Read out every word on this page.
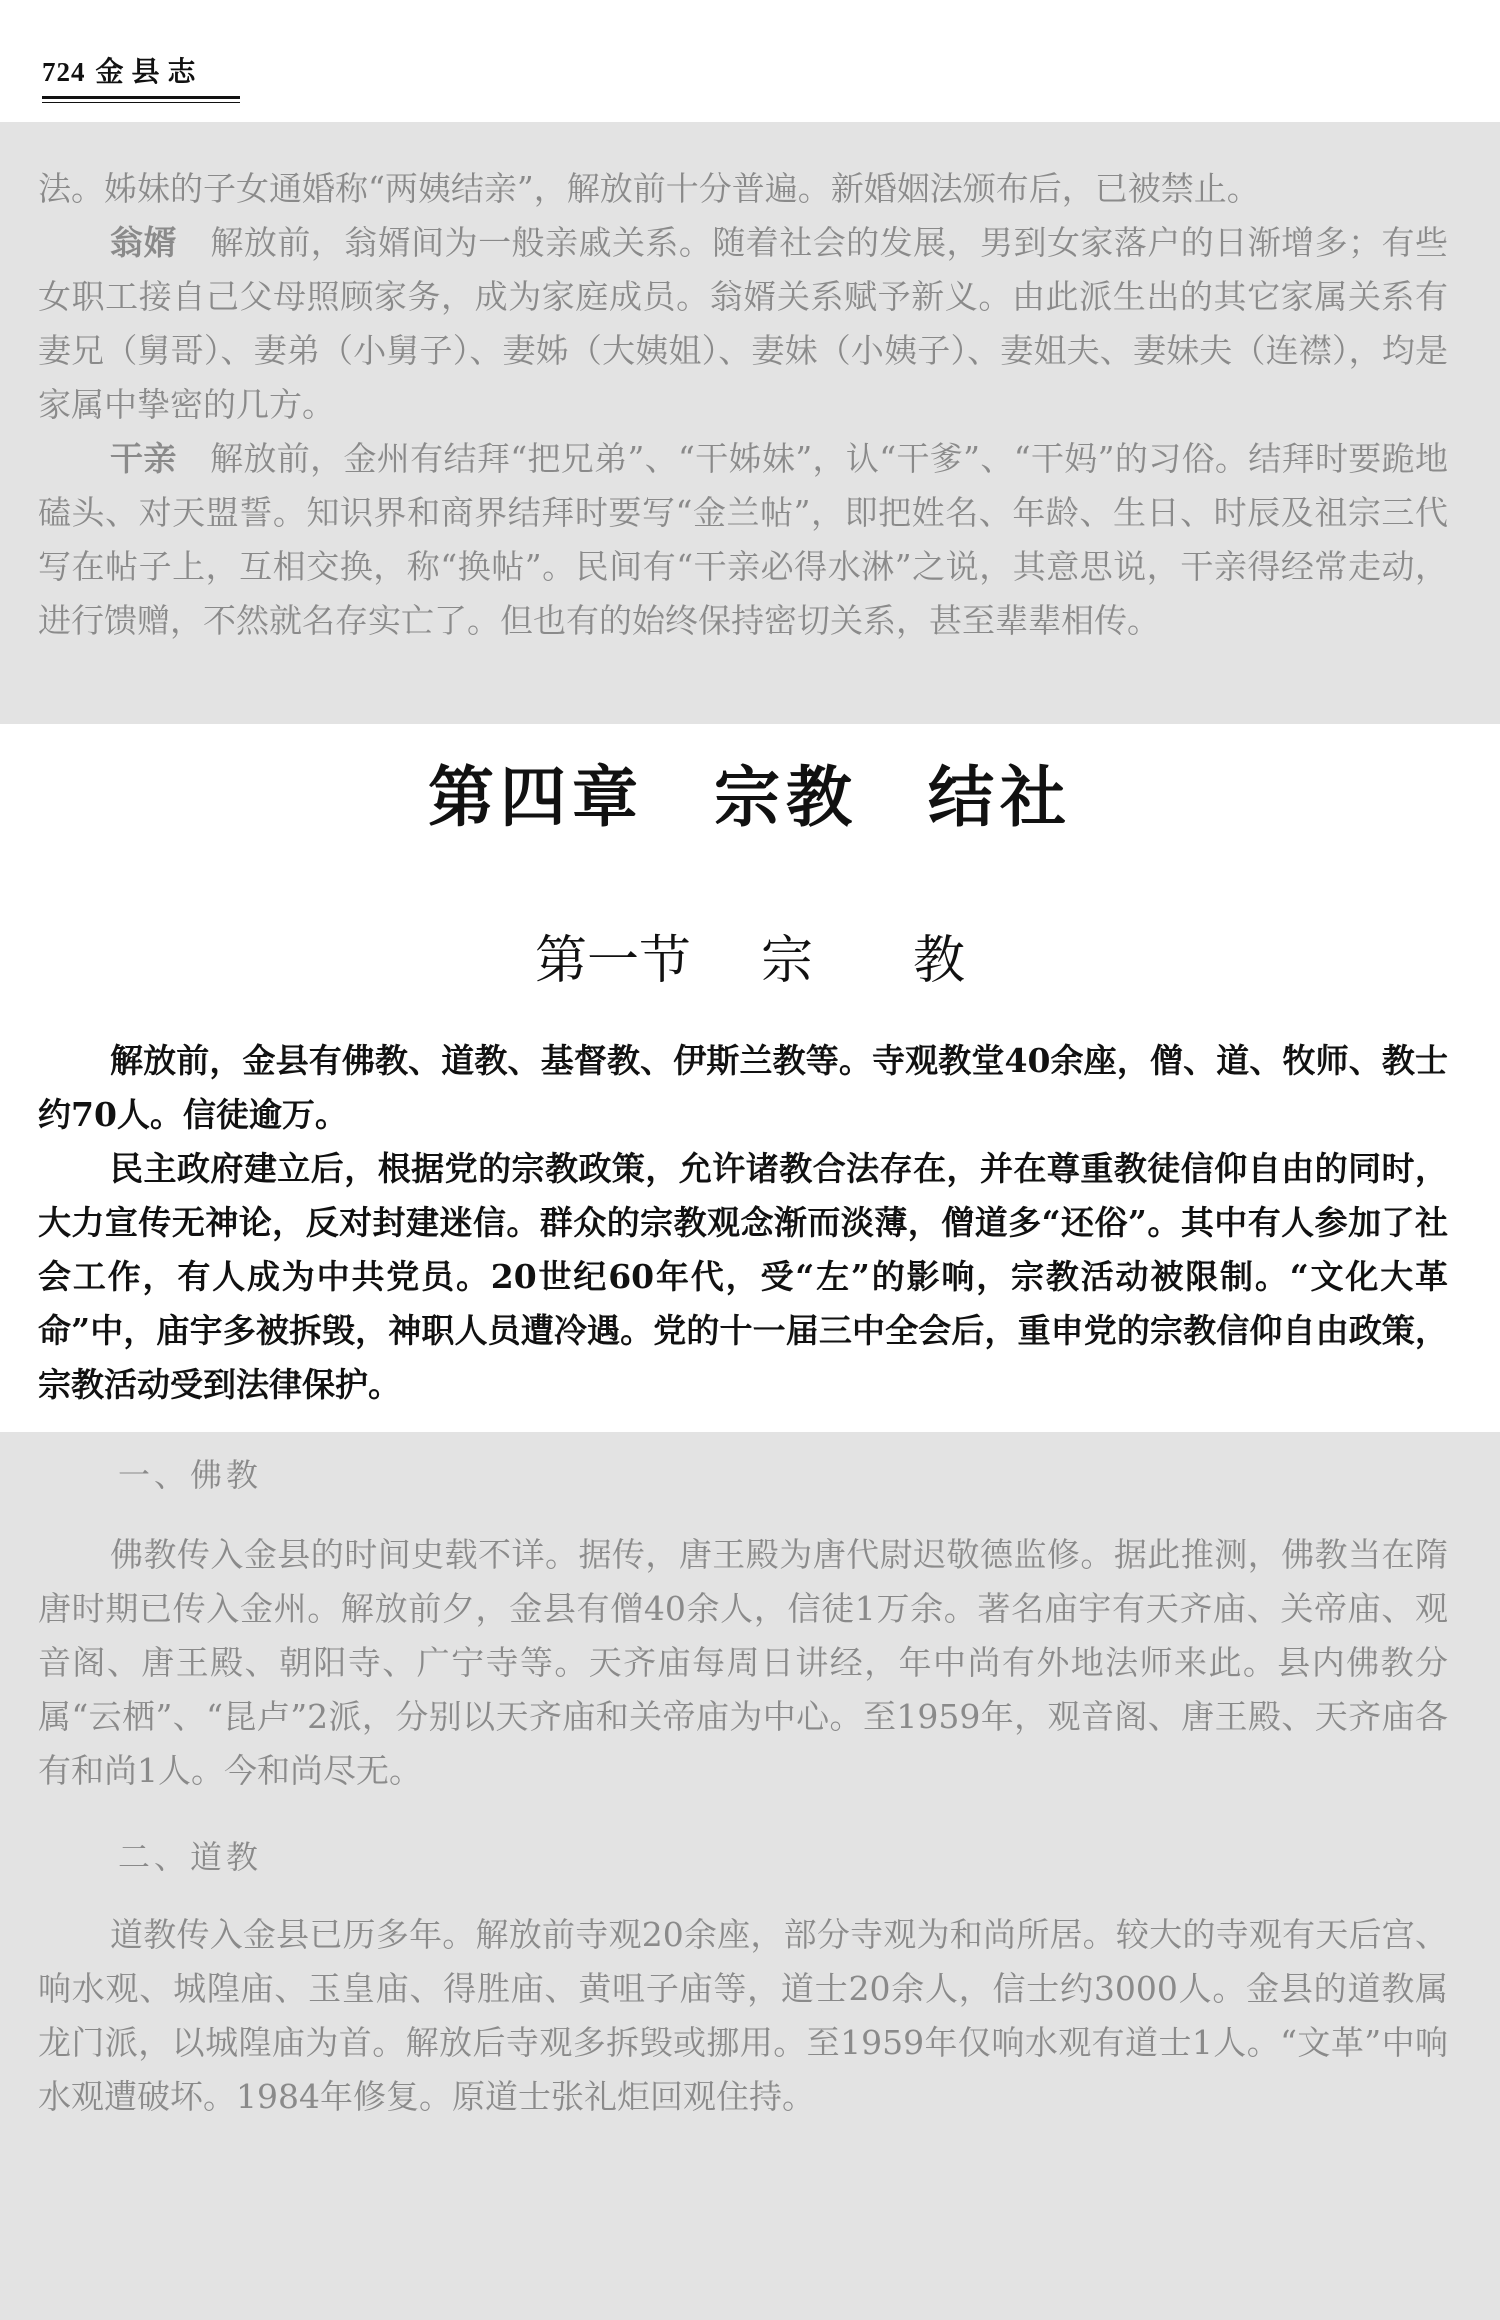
724 金县志

法。姊妹的子女通婚称“两姨结亲”，解放前十分普遍。新婚姻法颁布后，已被禁止。

翁婿　 解放前，翁婿间为一般亲戚关系。随着社会的发展，男到女家落户的日渐增多；有些女职工接自己父母照顾家务，成为家庭成员。翁婿关系赋予新义。由此派生出的其它家属关系有妻兄（舅哥）、妻弟（小舅子）、妻姊（大姨姐）、妻妹（小姨子）、妻姐夫、妻妹夫（连襟），均是家属中挚密的几方。

干亲　 解放前，金州有结拜“把兄弟”、“干姊妹”，认“干爹”、“干妈”的习俗。结拜时要跪地磕头、对天盟誓。知识界和商界结拜时要写“金兰帖”，即把姓名、年龄、生日、时辰及祖宗三代写在帖子上，互相交换，称“换帖”。民间有“干亲必得水淋”之说，其意思说，干亲得经常走动，进行馈赠，不然就名存实亡了。但也有的始终保持密切关系，甚至辈辈相传。

第四章 宗教 结社
第一节 宗 教

解放前，金县有佛教、道教、基督教、伊斯兰教等。寺观教堂40余座，僧、道、牧师、教士约70人。信徒逾万。

民主政府建立后，根据党的宗教政策，允许诸教合法存在，并在尊重教徒信仰自由的同时，大力宣传无神论，反对封建迷信。群众的宗教观念渐而淡薄，僧道多“还俗”。其中有人参加了社会工作，有人成为中共党员。20世纪60年代，受“左”的影响，宗教活动被限制。“文化大革命”中，庙宇多被拆毁，神职人员遭冷遇。党的十一届三中全会后，重申党的宗教信仰自由政策，宗教活动受到法律保护。

一、佛教

佛教传入金县的时间史载不详。据传，唐王殿为唐代尉迟敬德监修。据此推测，佛教当在隋唐时期已传入金州。解放前夕，金县有僧40余人，信徒1万余。著名庙宇有天齐庙、关帝庙、观音阁、唐王殿、朝阳寺、广宁寺等。天齐庙每周日讲经，年中尚有外地法师来此。县内佛教分属“云栖”、“昆卢”2派，分别以天齐庙和关帝庙为中心。至1959年，观音阁、唐王殿、天齐庙各有和尚1人。今和尚尽无。

二、道教

道教传入金县已历多年。解放前寺观20余座，部分寺观为和尚所居。较大的寺观有天后宫、响水观、城隍庙、玉皇庙、得胜庙、黄咀子庙等，道士20余人，信士约3000人。金县的道教属龙门派，以城隍庙为首。解放后寺观多拆毁或挪用。至1959年仅响水观有道士1人。“文革”中响水观遭破坏。1984年修复。原道士张礼炬回观住持。
